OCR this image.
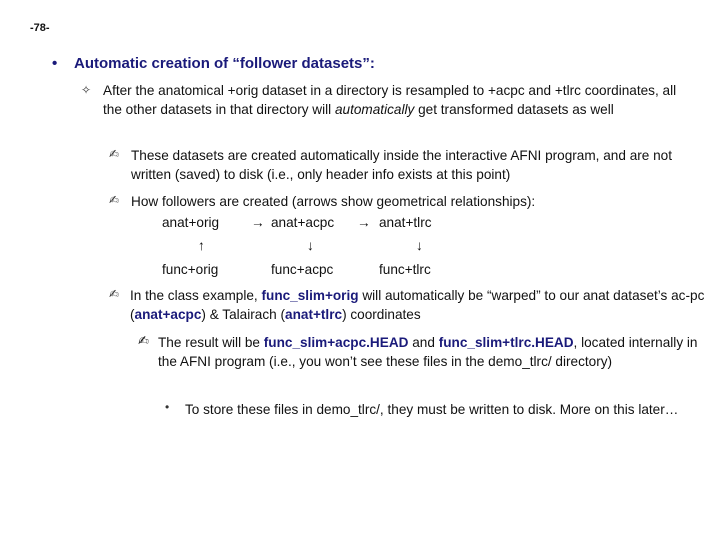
-78-
• Automatic creation of “follower datasets”:
✧ After the anatomical +orig dataset in a directory is resampled to +acpc and +tlrc coordinates, all the other datasets in that directory will automatically get transformed datasets as well
✍ These datasets are created automatically inside the interactive AFNI program, and are not written (saved) to disk (i.e., only header info exists at this point)
✍ How followers are created (arrows show geometrical relationships):
anat+orig → anat+acpc → anat+tlrc
↑	↓	↓
func+orig	func+acpc	func+tlrc
✍ In the class example, func_slim+orig will automatically be “warped” to our anat dataset’s ac-pc (anat+acpc) & Talairach (anat+tlrc) coordinates
✍ The result will be func_slim+acpc.HEAD and func_slim+tlrc.HEAD, located internally in the AFNI program (i.e., you won’t see these files in the demo_tlrc/ directory)
• To store these files in demo_tlrc/, they must be written to disk. More on this later…
